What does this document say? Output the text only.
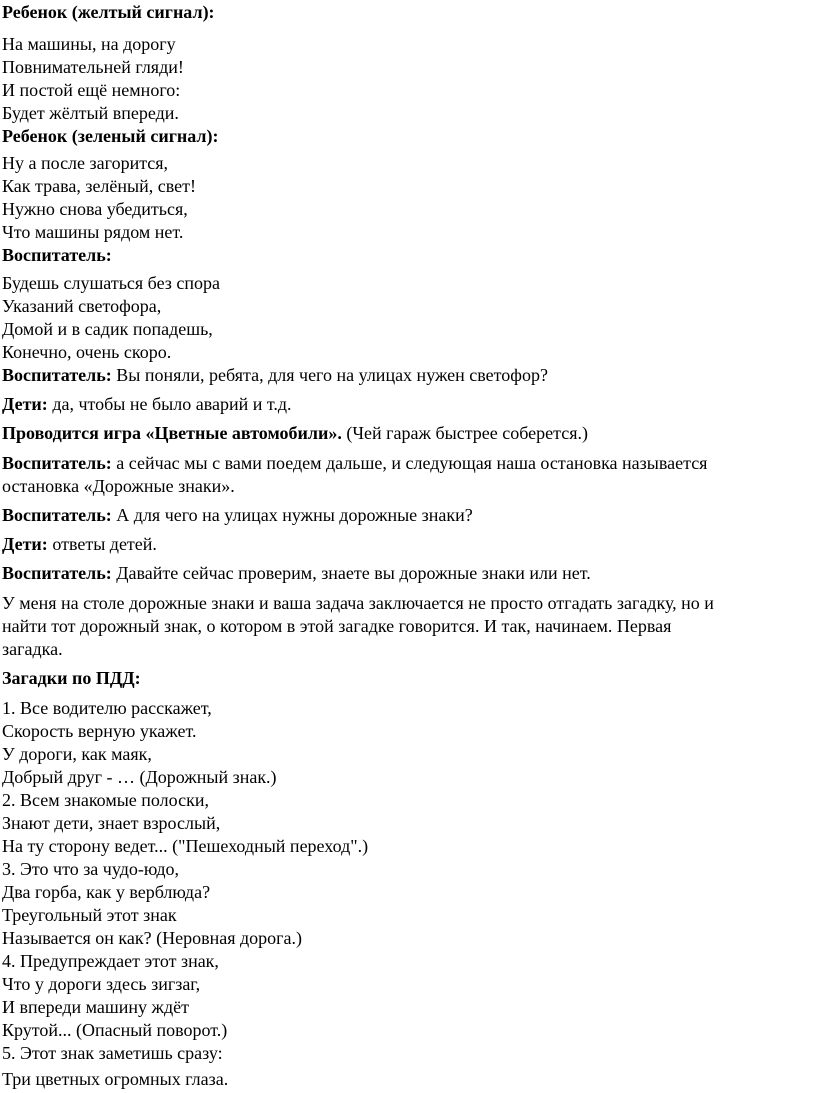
Ребенок (желтый сигнал):
На машины, на дорогу
Повнимательней гляди!
И постой ещё немного:
Будет жёлтый впереди.
Ребенок (зеленый сигнал):
Ну а после загорится,
Как трава, зелёный, свет!
Нужно снова убедиться,
Что машины рядом нет.
Воспитатель:
Будешь слушаться без спора
Указаний светофора,
Домой и в садик попадешь,
Конечно, очень скоро.
Воспитатель: Вы поняли, ребята, для чего на улицах нужен светофор?
Дети: да, чтобы не было аварий и т.д.
Проводится игра «Цветные автомобили». (Чей гараж быстрее соберется.)
Воспитатель: а сейчас мы с вами поедем дальше, и следующая наша остановка называется
остановка «Дорожные знаки».
Воспитатель: А для чего на улицах нужны дорожные знаки?
Дети: ответы детей.
Воспитатель: Давайте сейчас проверим, знаете вы дорожные знаки или нет.
У меня на столе дорожные знаки и ваша задача заключается не просто отгадать загадку, но и
найти тот дорожный знак, о котором в этой загадке говорится. И так, начинаем. Первая
загадка.
Загадки по ПДД:
1. Все водителю расскажет,
Скорость верную укажет.
У дороги, как маяк,
Добрый друг - … (Дорожный знак.)
2. Всем знакомые полоски,
Знают дети, знает взрослый,
На ту сторону ведет... ("Пешеходный переход".)
3. Это что за чудо-юдо,
Два горба, как у верблюда?
Треугольный этот знак
Называется он как? (Неровная дорога.)
4. Предупреждает этот знак,
Что у дороги здесь зигзаг,
И впереди машину ждёт
Крутой... (Опасный поворот.)
5. Этот знак заметишь сразу:
Три цветных огромных глаза.
